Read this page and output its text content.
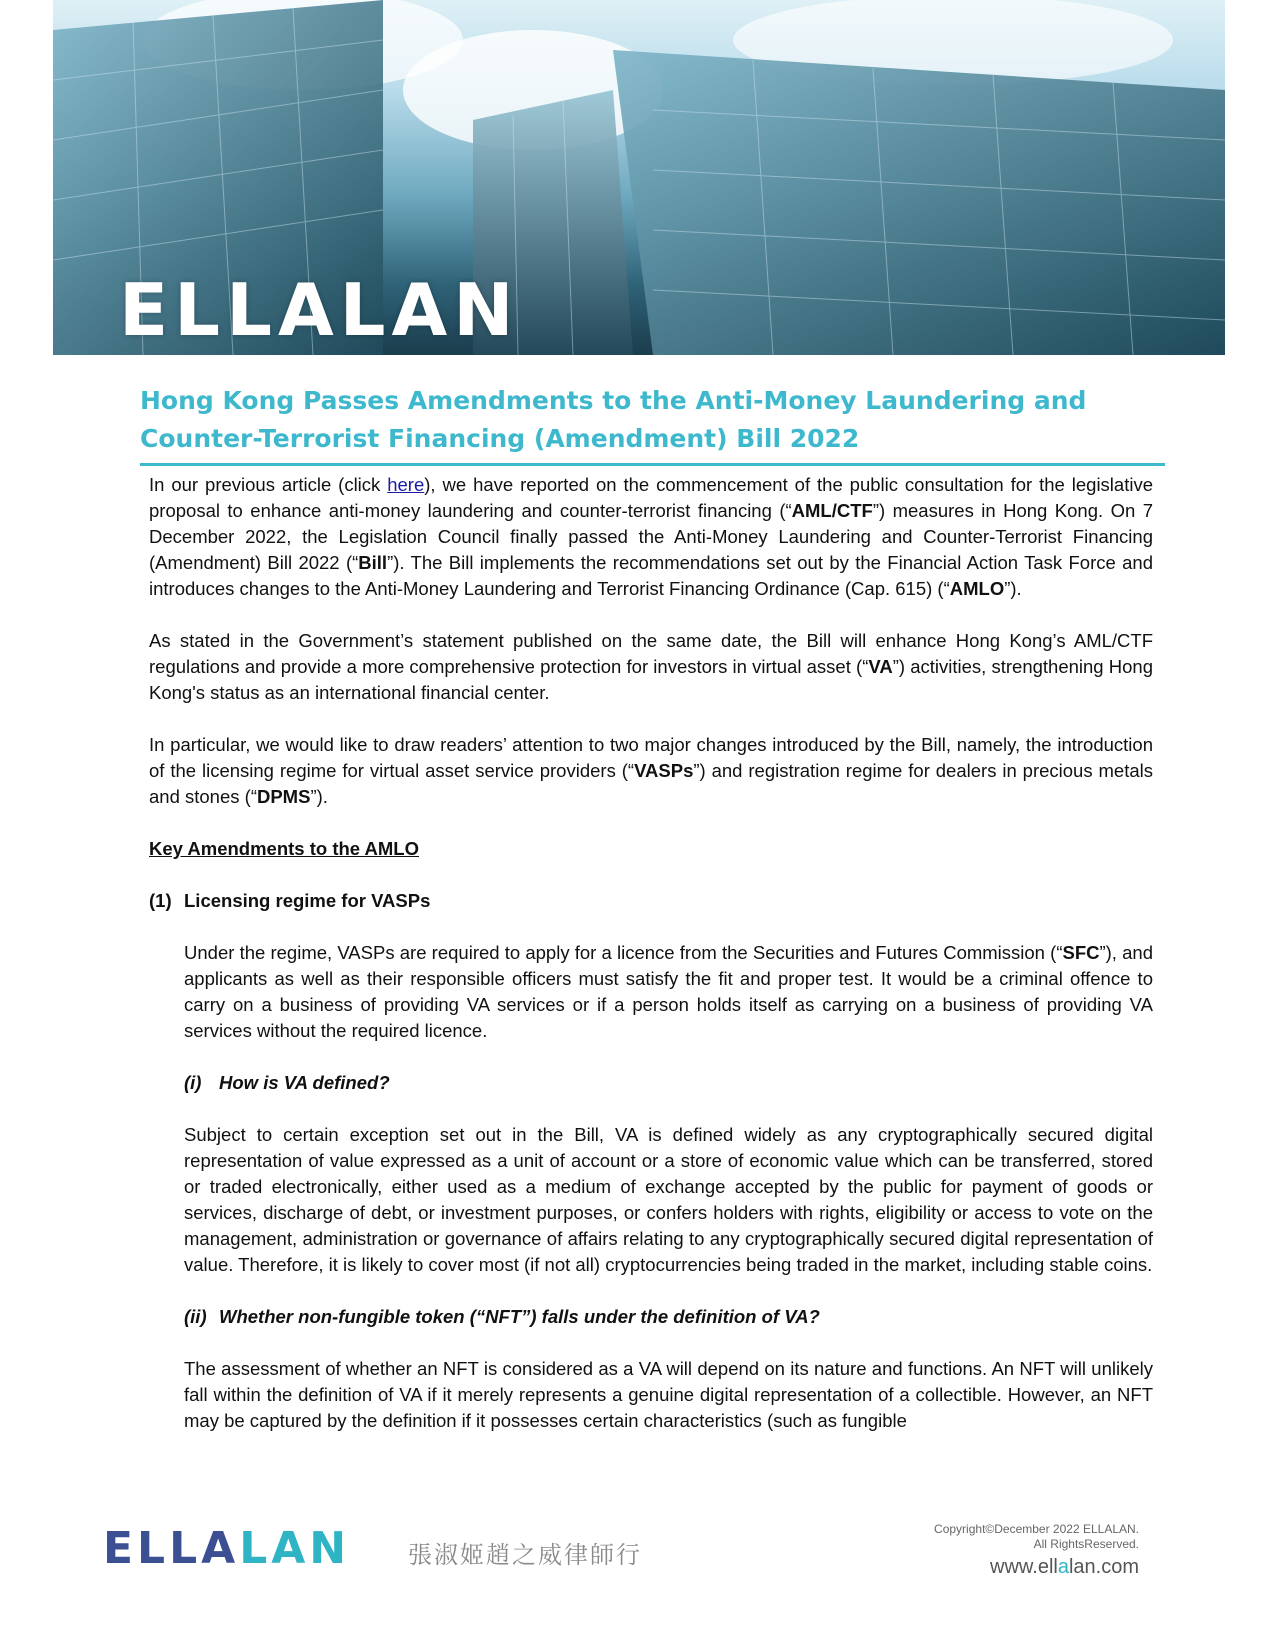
ELLALAN
Hong Kong Passes Amendments to the Anti-Money Laundering and Counter-Terrorist Financing (Amendment) Bill 2022

In our previous article (click here), we have reported on the commencement of the public consultation for the legislative proposal to enhance anti-money laundering and counter-terrorist financing (“AML/CTF”) measures in Hong Kong. On 7 December 2022, the Legislation Council finally passed the Anti-Money Laundering and Counter-Terrorist Financing (Amendment) Bill 2022 (“Bill”). The Bill implements the recommendations set out by the Financial Action Task Force and introduces changes to the Anti-Money Laundering and Terrorist Financing Ordinance (Cap. 615) (“AMLO”).

As stated in the Government’s statement published on the same date, the Bill will enhance Hong Kong’s AML/CTF regulations and provide a more comprehensive protection for investors in virtual asset (“VA”) activities, strengthening Hong Kong's status as an international financial center.

In particular, we would like to draw readers’ attention to two major changes introduced by the Bill, namely, the introduction of the licensing regime for virtual asset service providers (“VASPs”) and registration regime for dealers in precious metals and stones (“DPMS”).

Key Amendments to the AMLO

(1) Licensing regime for VASPs

Under the regime, VASPs are required to apply for a licence from the Securities and Futures Commission (“SFC”), and applicants as well as their responsible officers must satisfy the fit and proper test. It would be a criminal offence to carry on a business of providing VA services or if a person holds itself as carrying on a business of providing VA services without the required licence.

(i) How is VA defined?

Subject to certain exception set out in the Bill, VA is defined widely as any cryptographically secured digital representation of value expressed as a unit of account or a store of economic value which can be transferred, stored or traded electronically, either used as a medium of exchange accepted by the public for payment of goods or services, discharge of debt, or investment purposes, or confers holders with rights, eligibility or access to vote on the management, administration or governance of affairs relating to any cryptographically secured digital representation of value. Therefore, it is likely to cover most (if not all) cryptocurrencies being traded in the market, including stable coins.

(ii) Whether non-fungible token (“NFT”) falls under the definition of VA?

The assessment of whether an NFT is considered as a VA will depend on its nature and functions. An NFT will unlikely fall within the definition of VA if it merely represents a genuine digital representation of a collectible. However, an NFT may be captured by the definition if it possesses certain characteristics (such as fungible

ELLALAN 張淑姬趙之威律師行
Copyright©December 2022 ELLALAN.
All RightsReserved.
www.ellalan.com
